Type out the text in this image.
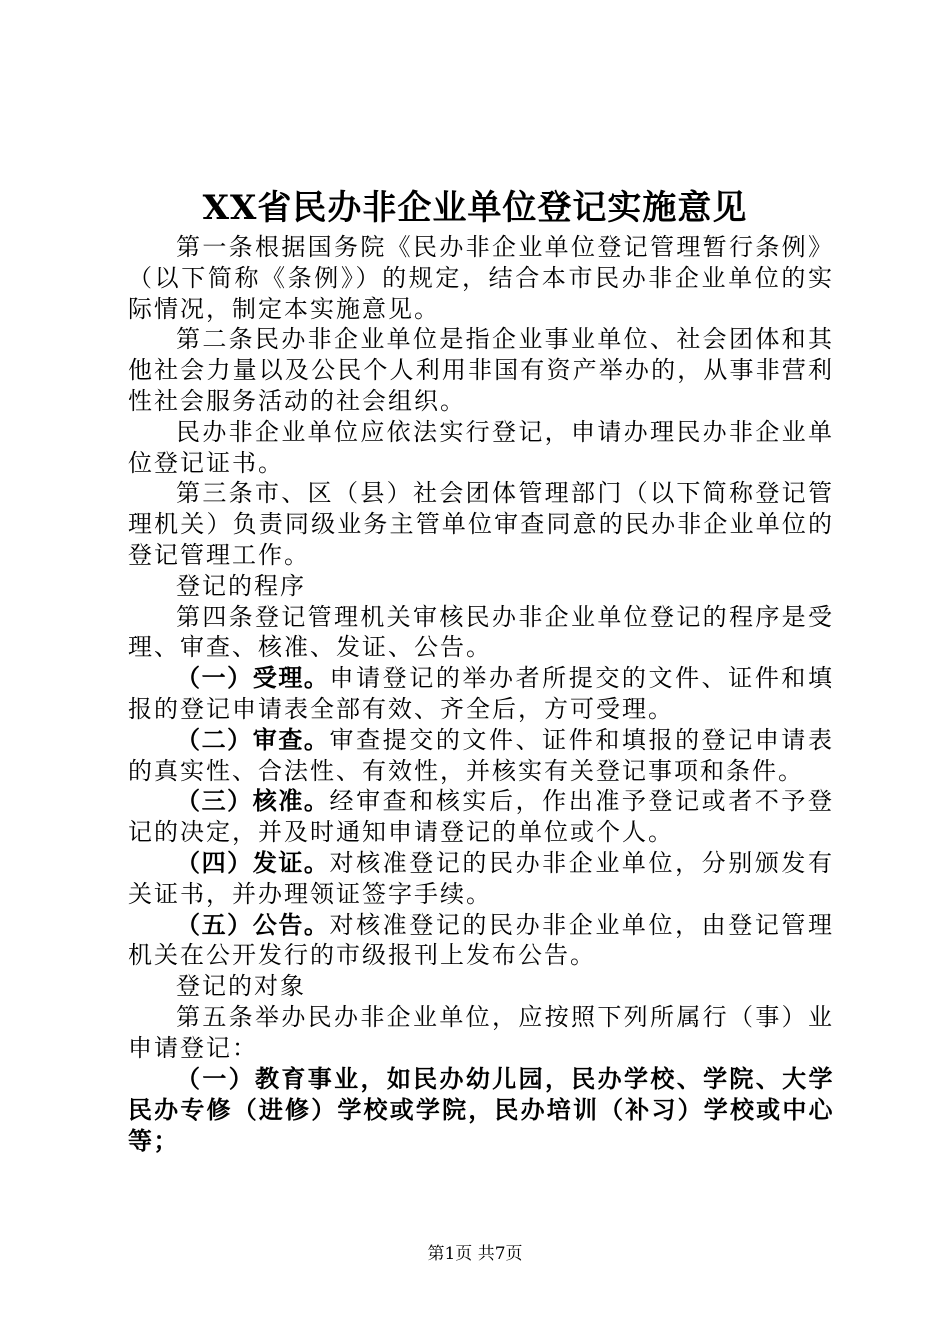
XX省民办非企业单位登记实施意见

第一条根据国务院《民办非企业单位登记管理暂行条例》（以下简称《条例》）的规定，结合本市民办非企业单位的实际情况，制定本实施意见。

第二条民办非企业单位是指企业事业单位、社会团体和其他社会力量以及公民个人利用非国有资产举办的，从事非营利性社会服务活动的社会组织。

民办非企业单位应依法实行登记，申请办理民办非企业单位登记证书。

第三条市、区（县）社会团体管理部门（以下简称登记管理机关）负责同级业务主管单位审查同意的民办非企业单位的登记管理工作。

登记的程序

第四条登记管理机关审核民办非企业单位登记的程序是受理、审查、核准、发证、公告。

（一）受理。申请登记的举办者所提交的文件、证件和填报的登记申请表全部有效、齐全后，方可受理。

（二）审查。审查提交的文件、证件和填报的登记申请表的真实性、合法性、有效性，并核实有关登记事项和条件。

（三）核准。经审查和核实后，作出准予登记或者不予登记的决定，并及时通知申请登记的单位或个人。

（四）发证。对核准登记的民办非企业单位，分别颁发有关证书，并办理领证签字手续。

（五）公告。对核准登记的民办非企业单位，由登记管理机关在公开发行的市级报刊上发布公告。

登记的对象

第五条举办民办非企业单位，应按照下列所属行（事）业申请登记：

（一）教育事业，如民办幼儿园，民办学校、学院、大学民办专修（进修）学校或学院，民办培训（补习）学校或中心等；

第1页 共7页
